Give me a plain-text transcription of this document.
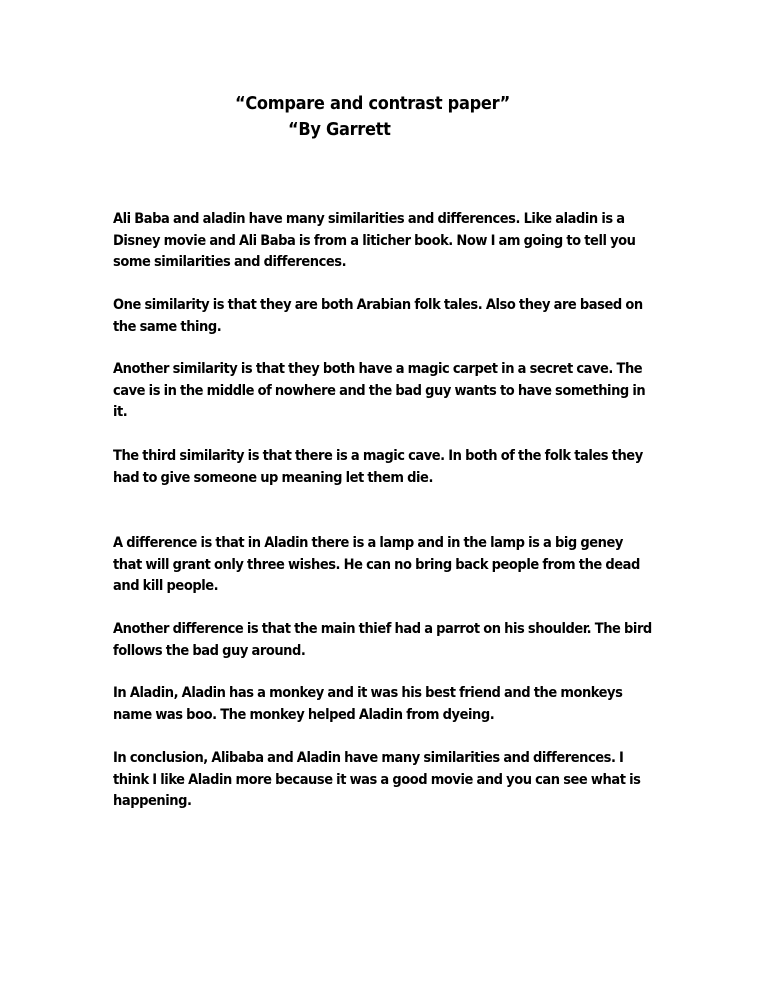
“Compare and contrast paper”

“By Garrett

Ali Baba and aladin have many similarities and differences. Like aladin is a Disney movie and Ali Baba is from a liticher book. Now I am going to tell you some similarities and differences.

One similarity is that they are both Arabian folk tales. Also they are based on the same thing.

Another similarity is that they both have a magic carpet in a secret cave. The cave is in the middle of nowhere and the bad guy wants to have something in it.

The third similarity is that there is a magic cave. In both of the folk tales they had to give someone up meaning let them die.

A difference is that in Aladin there is a lamp and in the lamp is a big geney that will grant only three wishes. He can no bring back people from the dead and kill people.

Another difference is that the main thief had a parrot on his shoulder. The bird follows the bad guy around.

In Aladin, Aladin has a monkey and it was his best friend and the monkeys name was boo. The monkey helped Aladin from dyeing.

In conclusion, Alibaba and Aladin have many similarities and differences. I think I like Aladin more because it was a good movie and you can see what is happening.
